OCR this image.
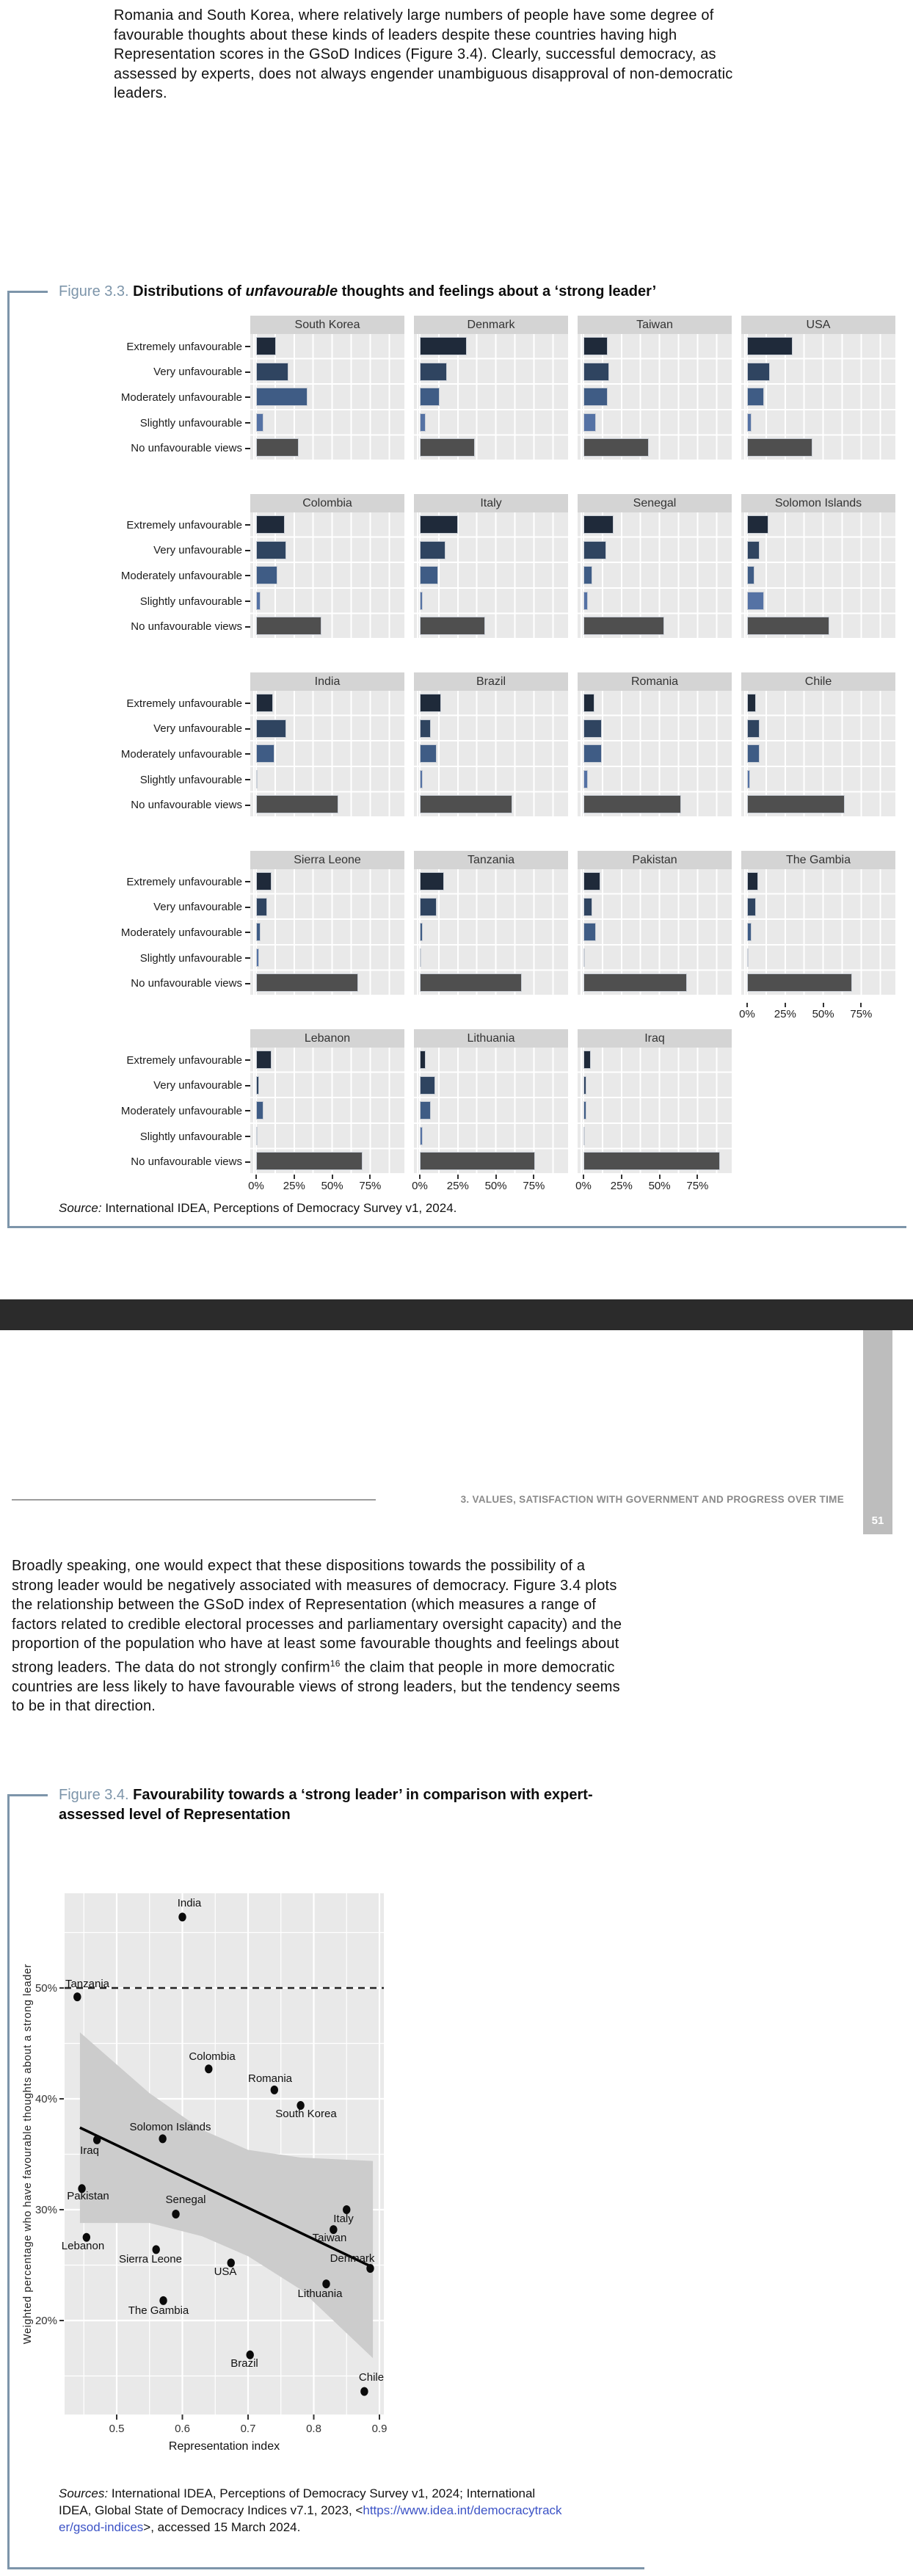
Romania and South Korea, where relatively large numbers of people have some degree of favourable thoughts about these kinds of leaders despite these countries having high Representation scores in the GSoD Indices (Figure 3.4). Clearly, successful democracy, as assessed by experts, does not always engender unambiguous disapproval of non-democratic leaders.
Figure 3.3. Distributions of unfavourable thoughts and feelings about a ‘strong leader’
South Korea	Denmark	Taiwan	USA
Extremely unfavourable
Very unfavourable
Moderately unfavourable
Slightly unfavourable
No unfavourable views
Colombia	Italy	Senegal	Solomon Islands
Extremely unfavourable
Very unfavourable
Moderately unfavourable
Slightly unfavourable
No unfavourable views
India	Brazil	Romania	Chile
Extremely unfavourable
Very unfavourable
Moderately unfavourable
Slightly unfavourable
No unfavourable views
Sierra Leone	Tanzania	Pakistan	The Gambia
Extremely unfavourable
Very unfavourable
Moderately unfavourable
Slightly unfavourable
No unfavourable views
Lebanon	Lithuania	Iraq
0% 25% 50% 75%
Extremely unfavourable
Very unfavourable
Moderately unfavourable
Slightly unfavourable
No unfavourable views
0% 25% 50% 75%	0% 25% 50% 75%	0% 25% 50% 75%
Source: International IDEA, Perceptions of Democracy Survey v1, 2024.
51
3. VALUES, SATISFACTION WITH GOVERNMENT AND PROGRESS OVER TIME
Broadly speaking, one would expect that these dispositions towards the possibility of a strong leader would be negatively associated with measures of democracy. Figure 3.4 plots the relationship between the GSoD index of Representation (which measures a range of factors related to credible electoral processes and parliamentary oversight capacity) and the proportion of the population who have at least some favourable thoughts and feelings about strong leaders. The data do not strongly confirm$^{16}$ the claim that people in more democratic countries are less likely to have favourable views of strong leaders, but the tendency seems to be in that direction.
Figure 3.4. Favourability towards a ‘strong leader’ in comparison with expert-assessed level of Representation
Tanzania
India
Colombia
Romania
South Korea
Solomon Islands
Iraq
Pakistan	Senegal
Italy
Taiwan
Lebanon
Sierra Leone
USA
Denmark
Lithuania
The Gambia
Brazil
Chile
20%
30%
40%
50%
0.5	0.6	0.7	0.8	0.9
Representation index
Weighted percentage who have favourable thoughts about a strong leader
Sources: International IDEA, Perceptions of Democracy Survey v1, 2024; International IDEA, Global State of Democracy Indices v7.1, 2023, <https://www.idea.int/democracytracker/gsod-indices>, accessed 15 March 2024.
